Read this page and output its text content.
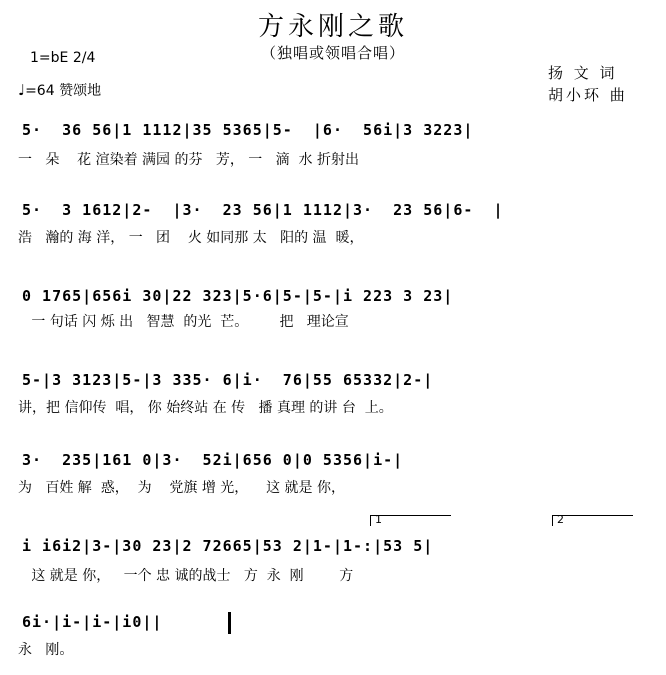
方永刚之歌
（独唱或领唱合唱）
1=bE 2/4
♩=64 赞颂地
扬 文 词
胡小环 曲
5·  36 56|1 1112|35 5365|5-  |6·  56i|3 3223|
一   朵    花 渲染着 满园 的芬   芳， 一   滴  水 折射出
5·  3 1612|2-  |3·  23 56|1 1112|3·  23 56|6-  |
浩   瀚的 海 洋， 一   团    火 如同那 太   阳的 温  暖，
0 1765|656i 30|22 323|5·6|5-|5-|i 223 3 23|
一 句话 闪 烁 出   智慧  的光  芒。       把   理论宣
5-|3 3123|5-|3 335· 6|i·  76|55 65332|2-|
讲，把 信仰传  唱， 你 始终站 在 传   播 真理 的讲 台  上。
3·  235|161 0|3·  52i|656 0|0 5356|i-|
为   百姓 解  惑，  为    党旗 增 光，    这 就是 你，
1	2
i i6i2|3-|30 23|2 72665|53 2|1-|1-:|53 5|
这 就是 你，   一个 忠 诚的战士   方  永  刚        方
6i·|i-|i-|i0||
永   刚。
